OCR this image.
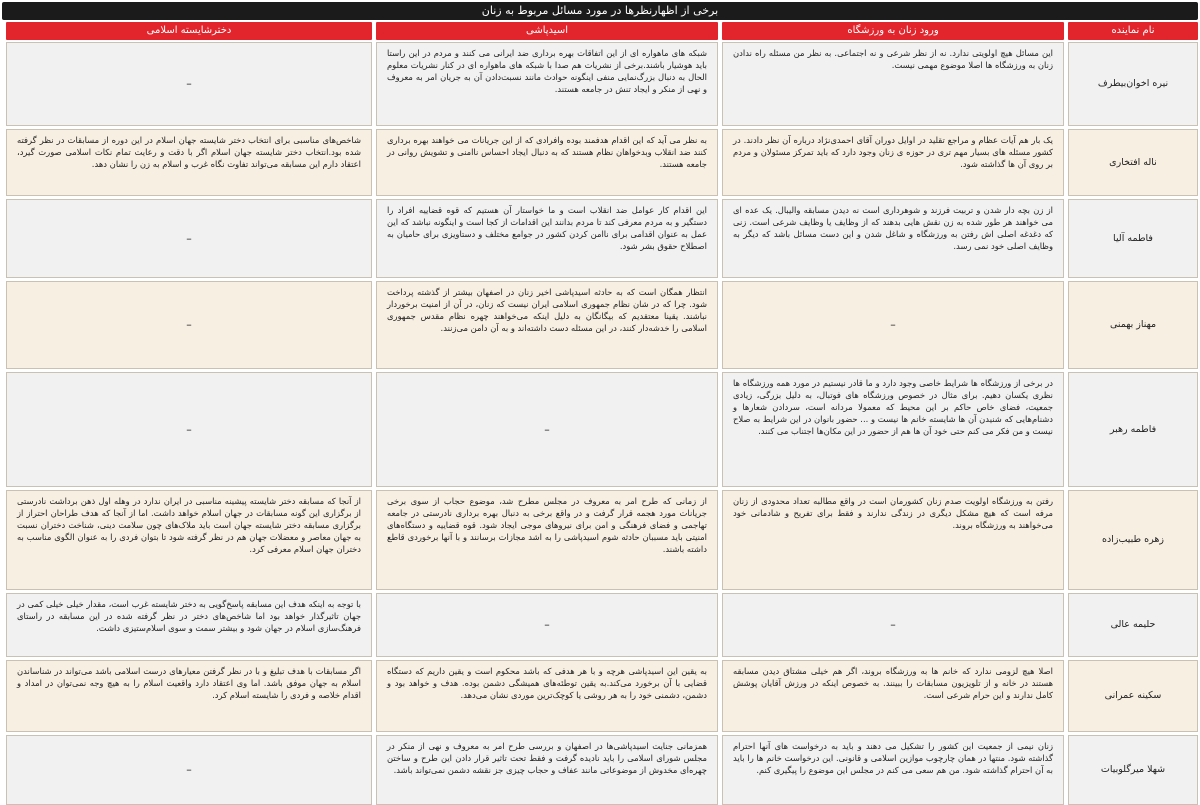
برخی از اظهارنظرها در مورد مسائل مربوط به زنان
نام نماینده
ورود زنان به ورزشگاه
اسیدپاشی
دخترشایسته اسلامی
نیره اخوان‌بیطرف
این مسائل هیچ اولویتی ندارد. نه از نظر شرعی و نه اجتماعی. به نظر من مسئله راه ندادن زنان به ورزشگاه ها اصلا موضوع مهمی نیست.
شبکه های ماهواره ای از این اتفاقات بهره برداری ضد ایرانی می کنند و مردم در این راستا باید هوشیار باشند.برخی از نشریات هم صدا با شبکه های ماهواره ای در کنار نشریات معلوم الحال به دنبال بزرگ‌نمایی منفی اینگونه حوادث مانند نسبت‌دادن آن به جریان امر به معروف و نهی از منکر و ایجاد تنش در جامعه هستند.
–
ناله افتخاری
یک بار هم آیات عظام و مراجع تقلید در اوایل دوران آقای احمدی‌نژاد درباره آن نظر دادند. در کشور مسئله های بسیار مهم تری در حوزه ی زنان وجود دارد که باید تمرکز مسئولان و مردم بر روی آن ها گذاشته شود.
به نظر می آید که این اقدام هدفمند بوده وافرادی که از این جریانات می خواهند بهره برداری کنند ضد انقلاب وبدخواهان نظام هستند که به دنبال ایجاد احساس ناامنی و تشویش روانی در جامعه هستند.
شاخص‌های مناسبی برای انتخاب دختر شایسته جهان اسلام در این دوره از مسابقات در نظر گرفته شده بود.انتخاب دختر شایسته جهان اسلام اگر با دقت و رعایت تمام نکات اسلامی صورت گیرد، اعتقاد دارم این مسابقه می‌تواند تفاوت نگاه غرب و اسلام به زن را نشان دهد.
فاطمه آلیا
از زن بچه دار شدن و تربیت فرزند و شوهرداری است نه دیدن مسابقه والیبال. یک عده ای می خواهند هر طور شده به زن نقش هایی بدهند که از وظایف یا وظایف شرعی است. زنی که دغدغه اصلی اش رفتن به ورزشگاه و شاغل شدن و این دست مسائل باشد که دیگر به وظایف اصلی خود نمی رسد.
این اقدام کار عوامل ضد انقلاب است و ما خواستار آن هستیم که قوه قضاییه افراد را دستگیر و به مردم معرفی کند تا مردم بدانند این اقدامات از کجا است و اینگونه نباشد که این عمل به عنوان اقدامی برای ناامن کردن کشور در جوامع مختلف و دستاویزی برای حامیان به اصطلاح حقوق بشر شود.
–
مهناز بهمنی
–
انتظار همگان است که به حادثه اسیدپاشی اخیر زنان در اصفهان بیشتر از گذشته پرداخت شود. چرا که در شان نظام جمهوری اسلامی ایران نیست که زنان، در آن از امنیت برخوردار نباشند. یقینا معتقدیم که بیگانگان به دلیل اینکه می‌خواهند چهره نظام مقدس جمهوری اسلامی را خدشه‌دار کنند، در این مسئله دست داشته‌اند و به آن دامن می‌زنند.
–
فاطمه رهبر
در برخی از ورزشگاه ها شرایط خاصی وجود دارد و ما قادر نیستیم در مورد همه ورزشگاه ها نظری یکسان دهیم. برای مثال در خصوص ورزشگاه های فوتبال، به دلیل بزرگی، زیادی جمعیت، فضای خاص حاکم بر این محیط که معمولا مردانه است، سردادن شعارها و دشنام‌هایی که شنیدن آن ها شایسته خانم ها نیست و ... حضور بانوان در این شرایط به صلاح نیست و من فکر می کنم حتی خود آن ها هم از حضور در این مکان‌ها اجتناب می کنند.
–
–
زهره طبیب‌زاده
رفتن به ورزشگاه اولویت صدم زنان کشورمان است در واقع مطالبه تعداد محدودی از زنان مرفه است که هیچ مشکل دیگری در زندگی ندارند و فقط برای تفریح و شادمانی خود می‌خواهند به ورزشگاه بروند.
از زمانی که طرح امر به معروف در مجلس مطرح شد، موضوع حجاب از سوی برخی جریانات مورد هجمه قرار گرفت و در واقع برخی به دنبال بهره برداری نادرستی در جامعه تهاجمی و فضای فرهنگی و امن برای نیروهای موجی ایجاد شود. قوه قضاییه و دستگاه‌های امنیتی باید مسببان حادثه شوم اسیدپاشی را به اشد مجازات برسانند و با آنها برخوردی قاطع داشته باشند.
از آنجا که مسابقه دختر شایسته پیشینه مناسبی در ایران ندارد در وهله اول ذهن برداشت نادرستی از برگزاری این گونه مسابقات در جهان اسلام خواهد داشت. اما از آنجا که هدف طراحان احتراز از برگزاری مسابقه دختر شایسته جهان است باید ملاک‌های چون سلامت دینی، شناخت دختران نسبت به جهان معاصر و معضلات جهان هم در نظر گرفته شود تا بتوان فردی را به عنوان الگوی مناسب به دختران جهان اسلام معرفی کرد.
حلیمه عالی
–
–
با توجه به اینکه هدف این مسابقه پاسخ‌گویی به دختر شایسته غرب است، مقدار خیلی خیلی کمی در جهان تاثیرگذار خواهد بود اما شاخص‌های دختر در نظر گرفته شده در این مسابقه در راستای فرهنگ‌سازی اسلام در جهان شود و بیشتر سمت و سوی اسلام‌ستیزی داشت.
سکینه عمرانی
اصلا هیچ لزومی ندارد که خانم ها به ورزشگاه بروند، اگر هم خیلی مشتاق دیدن مسابقه هستند در خانه و از تلویزیون مسابقات را ببینند. به خصوص اینکه در ورزش آقایان پوشش کامل ندارند و این حرام شرعی است.
به یقین این اسیدپاشی هرچه و با هر هدفی که باشد محکوم است و یقین داریم که دستگاه قضایی با آن برخورد می‌کند.به یقین توطئه‌های همیشگی دشمن بوده. هدف و خواهد بود و دشمن، دشمنی خود را به هر روشی یا کوچک‌ترین موردی نشان می‌دهد.
اگر مسابقات با هدف تبلیغ و با در نظر گرفتن معیارهای درست اسلامی باشد می‌تواند در شناساندن اسلام به جهان موفق باشد. اما وی اعتقاد دارد واقعیت اسلام را به هیچ وجه نمی‌توان در امداد و اقدام خلاصه و فردی را شایسته اسلام کرد.
شهلا میرگلوبیات
زنان نیمی از جمعیت این کشور را تشکیل می دهند و باید به درخواست های آنها احترام گذاشته شود. منتها در همان چارچوب موازین اسلامی و قانونی. این درخواست خانم ها را باید به آن احترام گذاشته شود. من هم سعی می کنم در مجلس این موضوع را پیگیری کنم.
همزمانی جنایت اسیدپاشی‌ها در اصفهان و بررسی طرح امر به معروف و نهی از منکر در مجلس شورای اسلامی را باید نادیده گرفت و فقط تحت تاثیر قرار دادن این طرح و ساختن چهره‌ای مخدوش از موضوعاتی مانند عفاف و حجاب چیزی جز نقشه دشمن نمی‌تواند باشد.
–
